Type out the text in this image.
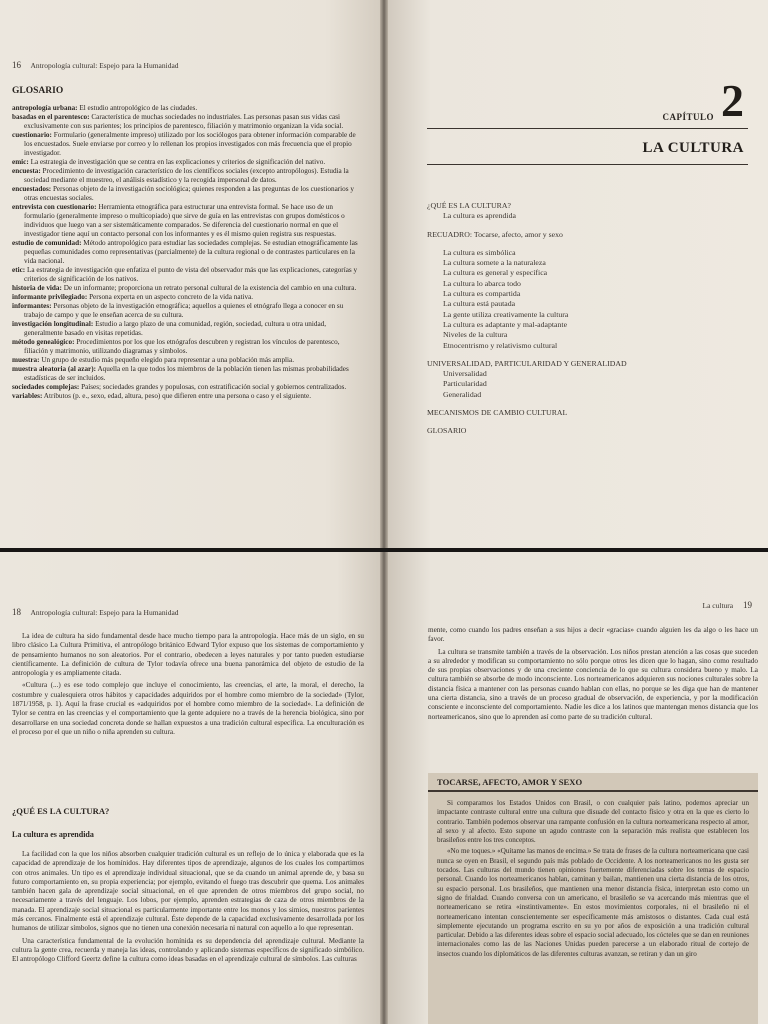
16 Antropología cultural: Espejo para la Humanidad
GLOSARIO
antropología urbana: El estudio antropológico de las ciudades.
basadas en el parentesco: Característica de muchas sociedades no industriales. Las personas pasan sus vidas casi exclusivamente con sus parientes; los principios de parentesco, filiación y matrimonio organizan la vida social.
cuestionario: Formulario (generalmente impreso) utilizado por los sociólogos para obtener información comparable de los encuestados. Suele enviarse por correo y lo rellenan los propios investigados con más frecuencia que el propio investigador.
emic: La estrategia de investigación que se centra en las explicaciones y criterios de significación del nativo.
encuesta: Procedimiento de investigación característico de los científicos sociales (excepto antropólogos). Estudia la sociedad mediante el muestreo, el análisis estadístico y la recogida impersonal de datos.
encuestados: Personas objeto de la investigación sociológica; quienes responden a las preguntas de los cuestionarios y otras encuestas sociales.
entrevista con cuestionario: Herramienta etnográfica para estructurar una entrevista formal. Se hace uso de un formulario (generalmente impreso o multicopiado) que sirve de guía en las entrevistas con grupos domésticos o individuos que luego van a ser sistemáticamente comparados. Se diferencia del cuestionario normal en que el investigador tiene aquí un contacto personal con los informantes y es él mismo quien registra sus respuestas.
estudio de comunidad: Método antropológico para estudiar las sociedades complejas. Se estudian etnográficamente las pequeñas comunidades como representativas (parcialmente) de la cultura regional o de contrastes particulares en la vida nacional.
etic: La estrategia de investigación que enfatiza el punto de vista del observador más que las explicaciones, categorías y criterios de significación de los nativos.
historia de vida: De un informante; proporciona un retrato personal cultural de la existencia del cambio en una cultura.
informante privilegiado: Persona experta en un aspecto concreto de la vida nativa.
informantes: Personas objeto de la investigación etnográfica; aquellos a quienes el etnógrafo llega a conocer en su trabajo de campo y que le enseñan acerca de su cultura.
investigación longitudinal: Estudio a largo plazo de una comunidad, región, sociedad, cultura u otra unidad, generalmente basado en visitas repetidas.
método genealógico: Procedimientos por los que los etnógrafos descubren y registran los vínculos de parentesco, filiación y matrimonio, utilizando diagramas y símbolos.
muestra: Un grupo de estudio más pequeño elegido para representar a una población más amplia.
muestra aleatoria (al azar): Aquella en la que todos los miembros de la población tienen las mismas probabilidades estadísticas de ser incluidos.
sociedades complejas: Países; sociedades grandes y populosas, con estratificación social y gobiernos centralizados.
variables: Atributos (p. e., sexo, edad, altura, peso) que difieren entre una persona o caso y el siguiente.
CAPÍTULO 2
LA CULTURA
¿QUÉ ES LA CULTURA?
La cultura es aprendida
RECUADRO: Tocarse, afecto, amor y sexo
La cultura es simbólica
La cultura somete a la naturaleza
La cultura es general y específica
La cultura lo abarca todo
La cultura es compartida
La cultura está pautada
La gente utiliza creativamente la cultura
La cultura es adaptante y mal-adaptante
Niveles de la cultura
Etnocentrismo y relativismo cultural
UNIVERSALIDAD, PARTICULARIDAD Y GENERALIDAD
Universalidad
Particularidad
Generalidad
MECANISMOS DE CAMBIO CULTURAL
GLOSARIO
18 Antropología cultural: Espejo para la Humanidad

La idea de cultura ha sido fundamental desde hace mucho tiempo para la antropología. Hace más de un siglo, en su libro clásico La Cultura Primitiva, el antropólogo británico Edward Tylor expuso que los sistemas de comportamiento y de pensamiento humanos no son aleatorios. Por el contrario, obedecen a leyes naturales y por tanto pueden estudiarse científicamente. La definición de cultura de Tylor todavía ofrece una buena panorámica del objeto de estudio de la antropología y es ampliamente citada.

«Cultura (...) es ese todo complejo que incluye el conocimiento, las creencias, el arte, la moral, el derecho, la costumbre y cualesquiera otros hábitos y capacidades adquiridos por el hombre como miembro de la sociedad» (Tylor, 1871/1958, p. 1). Aquí la frase crucial es «adquiridos por el hombre como miembro de la sociedad». La definición de Tylor se centra en las creencias y el comportamiento que la gente adquiere no a través de la herencia biológica, sino por desarrollarse en una sociedad concreta donde se hallan expuestos a una tradición cultural específica. La enculturación es el proceso por el que un niño o niña aprenden su cultura.

¿QUÉ ES LA CULTURA?
La cultura es aprendida

La facilidad con la que los niños absorben cualquier tradición cultural es un reflejo de lo única y elaborada que es la capacidad de aprendizaje de los homínidos. Hay diferentes tipos de aprendizaje, algunos de los cuales los compartimos con otros animales. Un tipo es el aprendizaje individual situacional, que se da cuando un animal aprende de, y basa su futuro comportamiento en, su propia experiencia; por ejemplo, evitando el fuego tras descubrir que quema. Los animales también hacen gala de aprendizaje social situacional, en el que aprenden de otros miembros del grupo social, no necesariamente a través del lenguaje. Los lobos, por ejemplo, aprenden estrategias de caza de otros miembros de la manada. El aprendizaje social situacional es particularmente importante entre los monos y los simios, nuestros parientes más cercanos. Finalmente está el aprendizaje cultural. Éste depende de la capacidad exclusivamente desarrollada por los humanos de utilizar símbolos, signos que no tienen una conexión necesaria ni natural con aquello a lo que representan.

Una característica fundamental de la evolución homínida es su dependencia del aprendizaje cultural. Mediante la cultura la gente crea, recuerda y maneja las ideas, controlando y aplicando sistemas específicos de significado simbólico. El antropólogo Clifford Geertz define la cultura como ideas basadas en el aprendizaje cultural de símbolos. Las culturas

La cultura 19

mente, como cuando los padres enseñan a sus hijos a decir «gracias» cuando alguien les da algo o les hace un favor.

La cultura se transmite también a través de la observación. Los niños prestan atención a las cosas que suceden a su alrededor y modifican su comportamiento no sólo porque otros les dicen que lo hagan, sino como resultado de sus propias observaciones y de una creciente conciencia de lo que su cultura considera bueno y malo. La cultura también se absorbe de modo inconsciente. Los norteamericanos adquieren sus nociones culturales sobre la distancia física a mantener con las personas cuando hablan con ellas, no porque se les diga que han de mantener una cierta distancia, sino a través de un proceso gradual de observación, de experiencia, y por la modificación consciente e inconsciente del comportamiento. Nadie les dice a los latinos que mantengan menos distancia que los norteamericanos, sino que lo aprenden así como parte de su tradición cultural.

TOCARSE, AFECTO, AMOR Y SEXO

Si comparamos los Estados Unidos con Brasil, o con cualquier país latino, podemos apreciar un impactante contraste cultural entre una cultura que disuade del contacto físico y otra en la que es cierto lo contrario. También podemos observar una rampante confusión en la cultura norteamericana respecto al amor, al sexo y al afecto. Esto supone un agudo contraste con la separación más realista que establecen los brasileños entre los tres conceptos.

«No me toques.» «Quítame las manos de encima.» Se trata de frases de la cultura norteamericana que casi nunca se oyen en Brasil, el segundo país más poblado de Occidente. A los norteamericanos no les gusta ser tocados. Las culturas del mundo tienen opiniones fuertemente diferenciadas sobre los temas de espacio personal. Cuando los norteamericanos hablan, caminan y bailan, mantienen una cierta distancia de los otros, su espacio personal. Los brasileños, que mantienen una menor distancia física, interpretan esto como un signo de frialdad. Cuando conversa con un americano, el brasileño se va acercando más mientras que el norteamericano se retira «instintivamente». En estos movimientos corporales, ni el brasileño ni el norteamericano intentan conscientemente ser específicamente más amistosos o distantes. Cada cual está simplemente ejecutando un programa escrito en su yo por años de exposición a una tradición cultural particular. Debido a las diferentes ideas sobre el espacio social adecuado, los cócteles que se dan en reuniones internacionales como las de las Naciones Unidas pueden parecerse a un elaborado ritual de cortejo de insectos cuando los diplomáticos de las diferentes culturas avanzan, se retiran y dan un giro
